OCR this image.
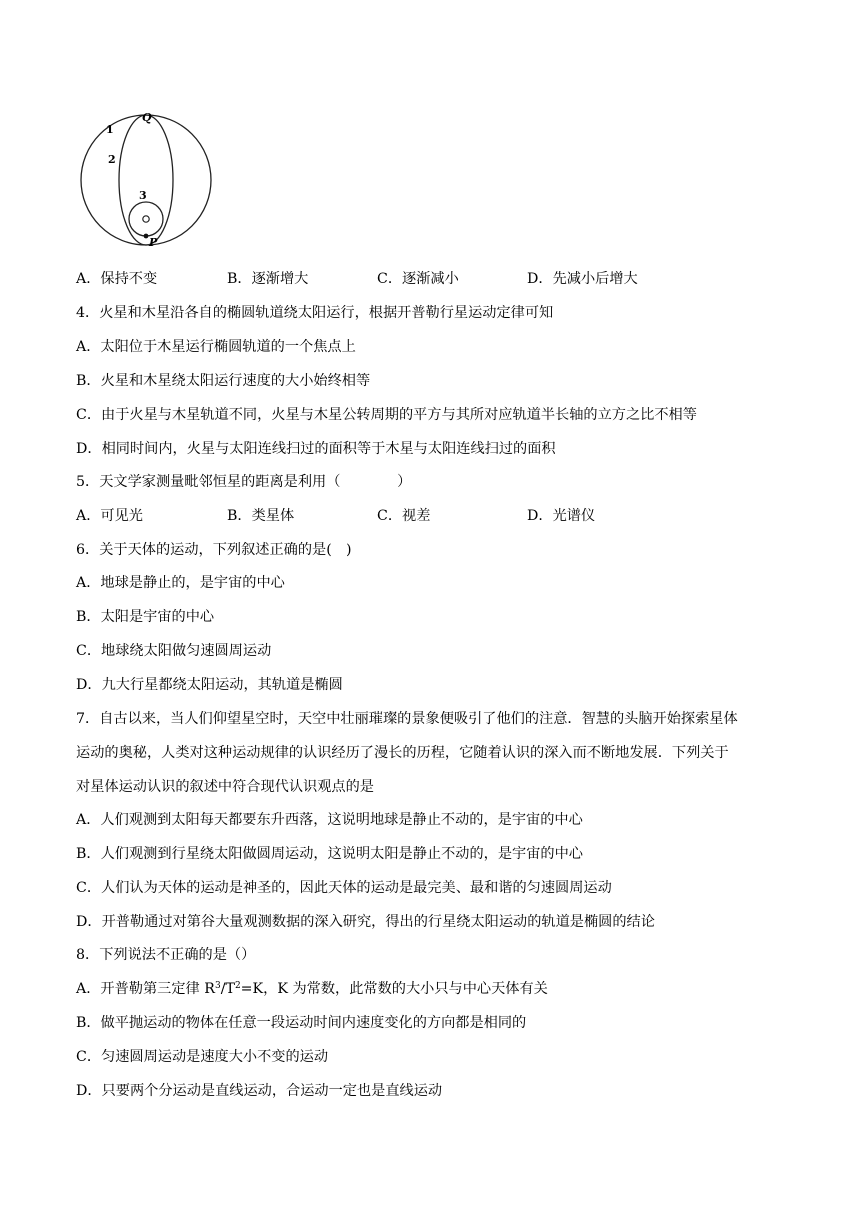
1
2
3
Q
P
A．保持不变	B．逐渐增大	C．逐渐减小	D．先减小后增大
4．火星和木星沿各自的椭圆轨道绕太阳运行，根据开普勒行星运动定律可知
A．太阳位于木星运行椭圆轨道的一个焦点上
B．火星和木星绕太阳运行速度的大小始终相等
C．由于火星与木星轨道不同，火星与木星公转周期的平方与其所对应轨道半长轴的立方之比不相等
D．相同时间内，火星与太阳连线扫过的面积等于木星与太阳连线扫过的面积
5．天文学家测量毗邻恒星的距离是利用（　　　　）
A．可见光	B．类星体	C．视差	D．光谱仪
6．关于天体的运动，下列叙述正确的是(　)
A．地球是静止的，是宇宙的中心
B．太阳是宇宙的中心
C．地球绕太阳做匀速圆周运动
D．九大行星都绕太阳运动，其轨道是椭圆
7．自古以来，当人们仰望星空时，天空中壮丽璀璨的景象便吸引了他们的注意．智慧的头脑开始探索星体
运动的奥秘，人类对这种运动规律的认识经历了漫长的历程，它随着认识的深入而不断地发展．下列关于
对星体运动认识的叙述中符合现代认识观点的是
A．人们观测到太阳每天都要东升西落，这说明地球是静止不动的，是宇宙的中心
B．人们观测到行星绕太阳做圆周运动，这说明太阳是静止不动的，是宇宙的中心
C．人们认为天体的运动是神圣的，因此天体的运动是最完美、最和谐的匀速圆周运动
D．开普勒通过对第谷大量观测数据的深入研究，得出的行星绕太阳运动的轨道是椭圆的结论
8．下列说法不正确的是（）
A．开普勒第三定律 $R^3/T^2=K$，K 为常数，此常数的大小只与中心天体有关
B．做平抛运动的物体在任意一段运动时间内速度变化的方向都是相同的
C．匀速圆周运动是速度大小不变的运动
D．只要两个分运动是直线运动，合运动一定也是直线运动
